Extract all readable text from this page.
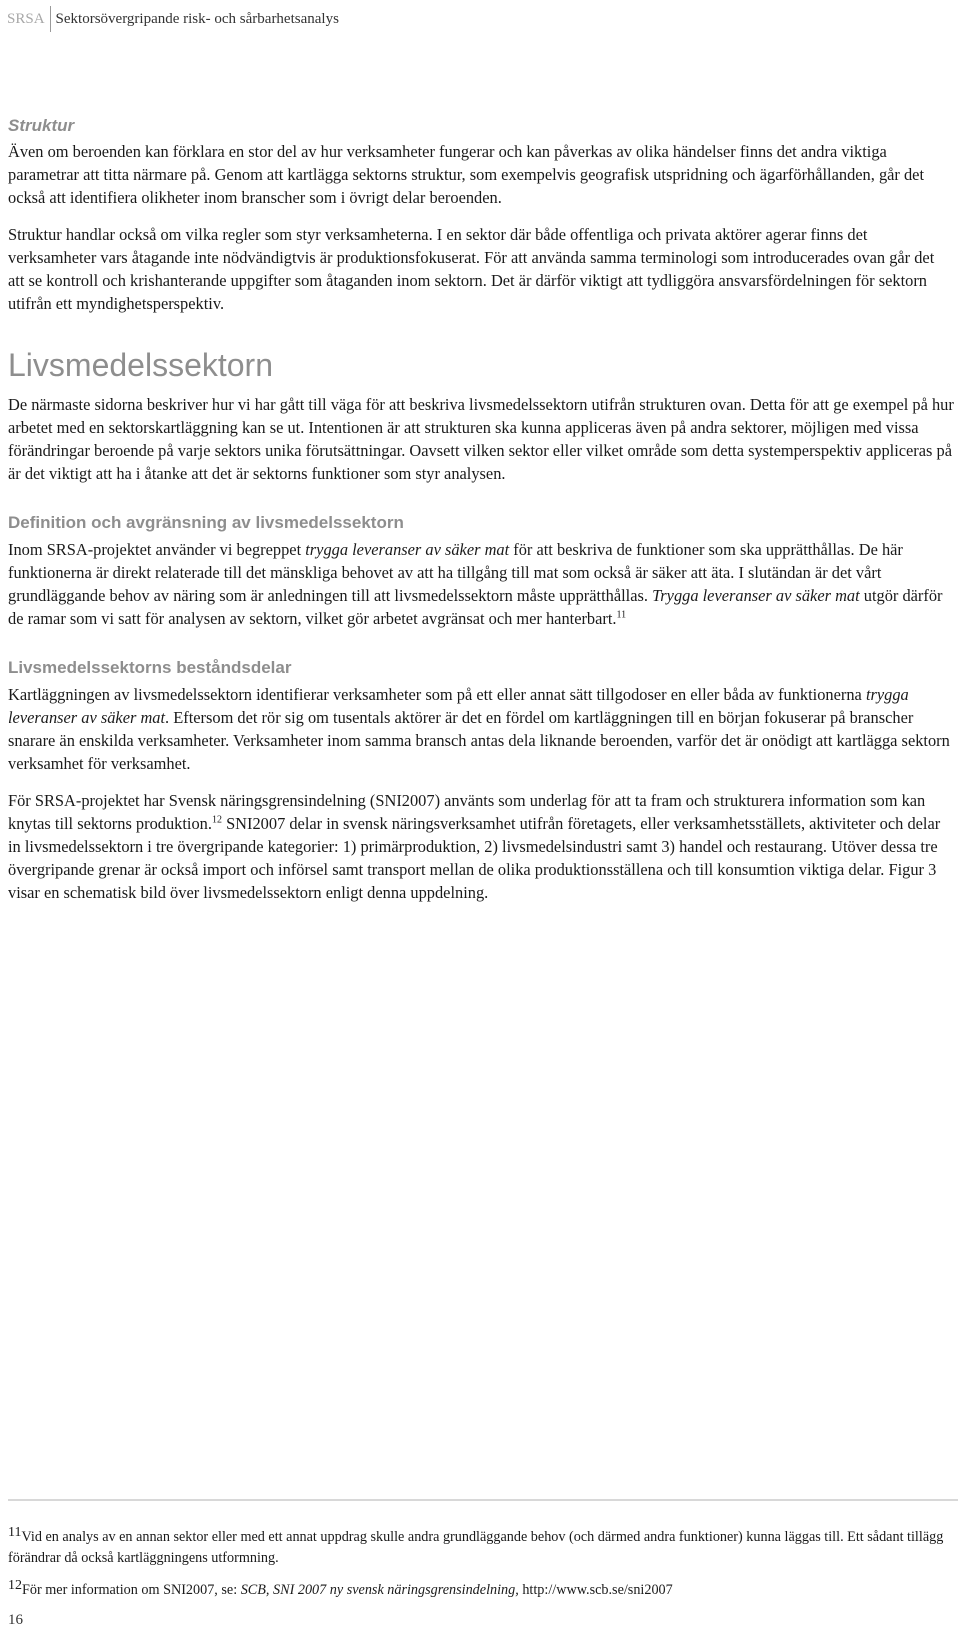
SRSA Sektorsövergripande risk- och sårbarhetsanalys
Struktur

Även om beroenden kan förklara en stor del av hur verksamheter fungerar och kan påverkas av olika händelser finns det andra viktiga parametrar att titta närmare på. Genom att kartlägga sektorns struktur, som exempelvis geografisk utspridning och ägarförhållanden, går det också att identifiera olikheter inom branscher som i övrigt delar beroenden.

Struktur handlar också om vilka regler som styr verksamheterna. I en sektor där både offentliga och privata aktörer agerar finns det verksamheter vars åtagande inte nödvändigtvis är produktionsfokuserat. För att använda samma terminologi som introducerades ovan går det att se kontroll och krishanterande uppgifter som åtaganden inom sektorn. Det är därför viktigt att tydliggöra ansvarsfördelningen för sektorn utifrån ett myndighetsperspektiv.

Livsmedelssektorn

De närmaste sidorna beskriver hur vi har gått till väga för att beskriva livsmedelssektorn utifrån strukturen ovan. Detta för att ge exempel på hur arbetet med en sektorskartläggning kan se ut. Intentionen är att strukturen ska kunna appliceras även på andra sektorer, möjligen med vissa förändringar beroende på varje sektors unika förutsättningar. Oavsett vilken sektor eller vilket område som detta systemperspektiv appliceras på är det viktigt att ha i åtanke att det är sektorns funktioner som styr analysen.

Definition och avgränsning av livsmedelssektorn

Inom SRSA-projektet använder vi begreppet trygga leveranser av säker mat för att beskriva de funktioner som ska upprätthållas. De här funktionerna är direkt relaterade till det mänskliga behovet av att ha tillgång till mat som också är säker att äta. I slutändan är det vårt grundläggande behov av näring som är anledningen till att livsmedelssektorn måste upprätthållas. Trygga leveranser av säker mat utgör därför de ramar som vi satt för analysen av sektorn, vilket gör arbetet avgränsat och mer hanterbart.$^{11}$

Livsmedelssektorns beståndsdelar

Kartläggningen av livsmedelssektorn identifierar verksamheter som på ett eller annat sätt tillgodoser en eller båda av funktionerna trygga leveranser av säker mat. Eftersom det rör sig om tusentals aktörer är det en fördel om kartläggningen till en början fokuserar på branscher snarare än enskilda verksamheter. Verksamheter inom samma bransch antas dela liknande beroenden, varför det är onödigt att kartlägga sektorn verksamhet för verksamhet.

För SRSA-projektet har Svensk näringsgrensindelning (SNI2007) använts som underlag för att ta fram och strukturera information som kan knytas till sektorns produktion.$^{12}$ SNI2007 delar in svensk näringsverksamhet utifrån företagets, eller verksamhetsställets, aktiviteter och delar in livsmedelssektorn i tre övergripande kategorier: 1) primärproduktion, 2) livsmedelsindustri samt 3) handel och restaurang. Utöver dessa tre övergripande grenar är också import och införsel samt transport mellan de olika produktionsställena och till konsumtion viktiga delar. Figur 3 visar en schematisk bild över livsmedelssektorn enligt denna uppdelning.

11Vid en analys av en annan sektor eller med ett annat uppdrag skulle andra grundläggande behov (och därmed andra funktioner) kunna läggas till. Ett sådant tillägg förändrar då också kartläggningens utformning.

12För mer information om SNI2007, se: SCB, SNI 2007 ny svensk näringsgrensindelning, http://www.scb.se/sni2007

16
